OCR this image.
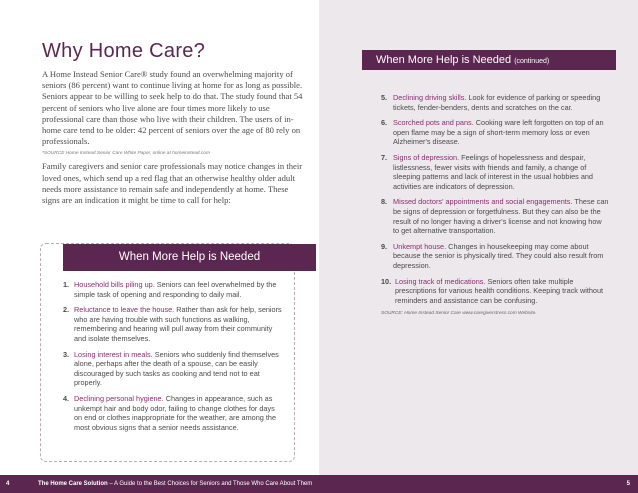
Why Home Care?

A Home Instead Senior Care® study found an overwhelming majority of seniors (86 percent) want to continue living at home for as long as possible. Seniors appear to be willing to seek help to do that. The study found that 54 percent of seniors who live alone are four times more likely to use professional care than those who live with their children. The users of in-home care tend to be older: 42 percent of seniors over the age of 80 rely on professionals.

*SOURCE Home Instead Senior Care White Paper, online at homeinstead.com

Family caregivers and senior care professionals may notice changes in their loved ones, which send up a red flag that an otherwise healthy older adult needs more assistance to remain safe and independently at home. These signs are an indication it might be time to call for help:

When More Help is Needed
1. Household bills piling up. Seniors can feel overwhelmed by the simple task of opening and responding to daily mail.
2. Reluctance to leave the house. Rather than ask for help, seniors who are having trouble with such functions as walking, remembering and hearing will pull away from their community and isolate themselves.
3. Losing interest in meals. Seniors who suddenly find themselves alone, perhaps after the death of a spouse, can be easily discouraged by such tasks as cooking and tend not to eat properly.
4. Declining personal hygiene. Changes in appearance, such as unkempt hair and body odor, failing to change clothes for days on end or clothes inappropriate for the weather, are among the most obvious signs that a senior needs assistance.
When More Help is Needed (continued)
5. Declining driving skills. Look for evidence of parking or speeding tickets, fender-benders, dents and scratches on the car.
6. Scorched pots and pans. Cooking ware left forgotten on top of an open flame may be a sign of short-term memory loss or even Alzheimer's disease.
7. Signs of depression. Feelings of hopelessness and despair, listlessness, fewer visits with friends and family, a change of sleeping patterns and lack of interest in the usual hobbies and activities are indicators of depression.
8. Missed doctors' appointments and social engagements. These can be signs of depression or forgetfulness. But they can also be the result of no longer having a driver's license and not knowing how to get alternative transportation.
9. Unkempt house. Changes in housekeeping may come about because the senior is physically tired. They could also result from depression.
10. Losing track of medications. Seniors often take multiple prescriptions for various health conditions. Keeping track without reminders and assistance can be confusing.
SOURCE: Home Instead Senior Care www.caregiverstress.com Website.
4	The Home Care Solution – A Guide to the Best Choices for Seniors and Those Who Care About Them	5
